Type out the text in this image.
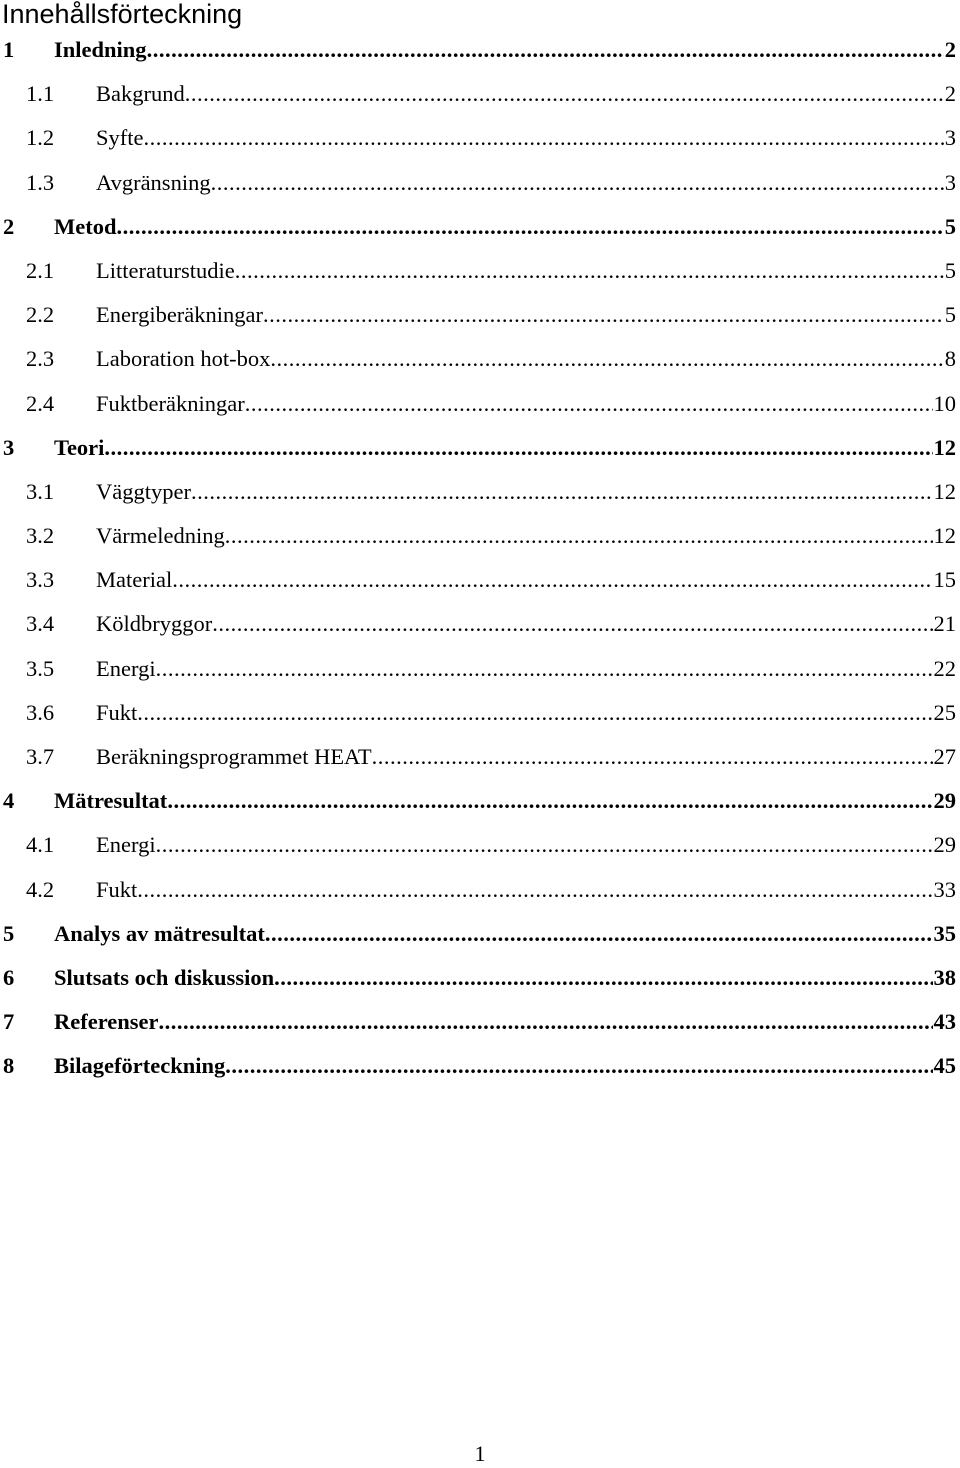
Innehållsförteckning
1 Inledning .....	2
1.1 Bakgrund .....	2
1.2 Syfte .....	3
1.3 Avgränsning .....	3
2 Metod .....	5
2.1 Litteraturstudie .....	5
2.2 Energiberäkningar .....	5
2.3 Laboration hot-box .....	8
2.4 Fuktberäkningar .....	10
3 Teori .....	12
3.1 Väggtyper .....	12
3.2 Värmeledning .....	12
3.3 Material .....	15
3.4 Köldbryggor .....	21
3.5 Energi .....	22
3.6 Fukt .....	25
3.7 Beräkningsprogrammet HEAT .....	27
4 Mätresultat .....	29
4.1 Energi .....	29
4.2 Fukt .....	33
5 Analys av mätresultat .....	35
6 Slutsats och diskussion .....	38
7 Referenser .....	43
8 Bilageförteckning .....	45
1
